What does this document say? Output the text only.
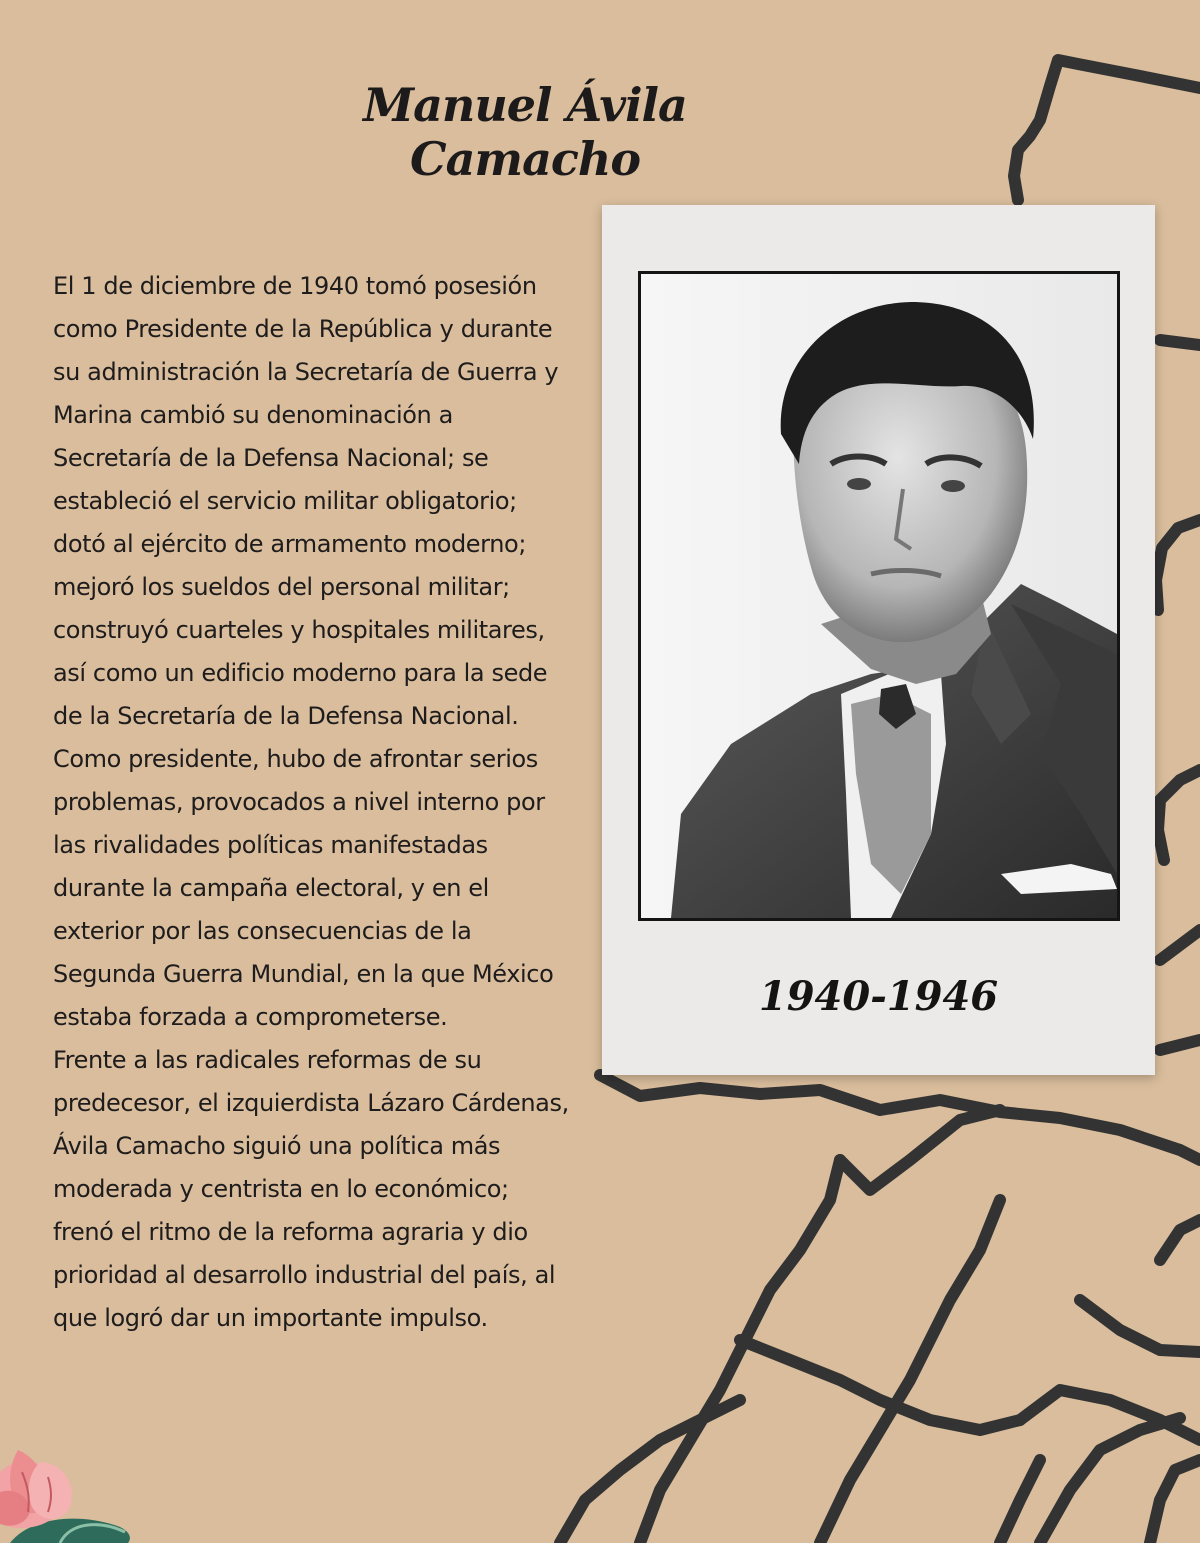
Manuel Ávila Camacho

El 1 de diciembre de 1940 tomó posesión como Presidente de la República y durante su administración la Secretaría de Guerra y Marina cambió su denominación a Secretaría de la Defensa Nacional; se estableció el servicio militar obligatorio; dotó al ejército de armamento moderno; mejoró los sueldos del personal militar; construyó cuarteles y hospitales militares, así como un edificio moderno para la sede de la Secretaría de la Defensa Nacional.

Como presidente, hubo de afrontar serios problemas, provocados a nivel interno por las rivalidades políticas manifestadas durante la campaña electoral, y en el exterior por las consecuencias de la Segunda Guerra Mundial, en la que México estaba forzada a comprometerse.

Frente a las radicales reformas de su predecesor, el izquierdista Lázaro Cárdenas, Ávila Camacho siguió una política más moderada y centrista en lo económico; frenó el ritmo de la reforma agraria y dio prioridad al desarrollo industrial del país, al que logró dar un importante impulso.

1940-1946
